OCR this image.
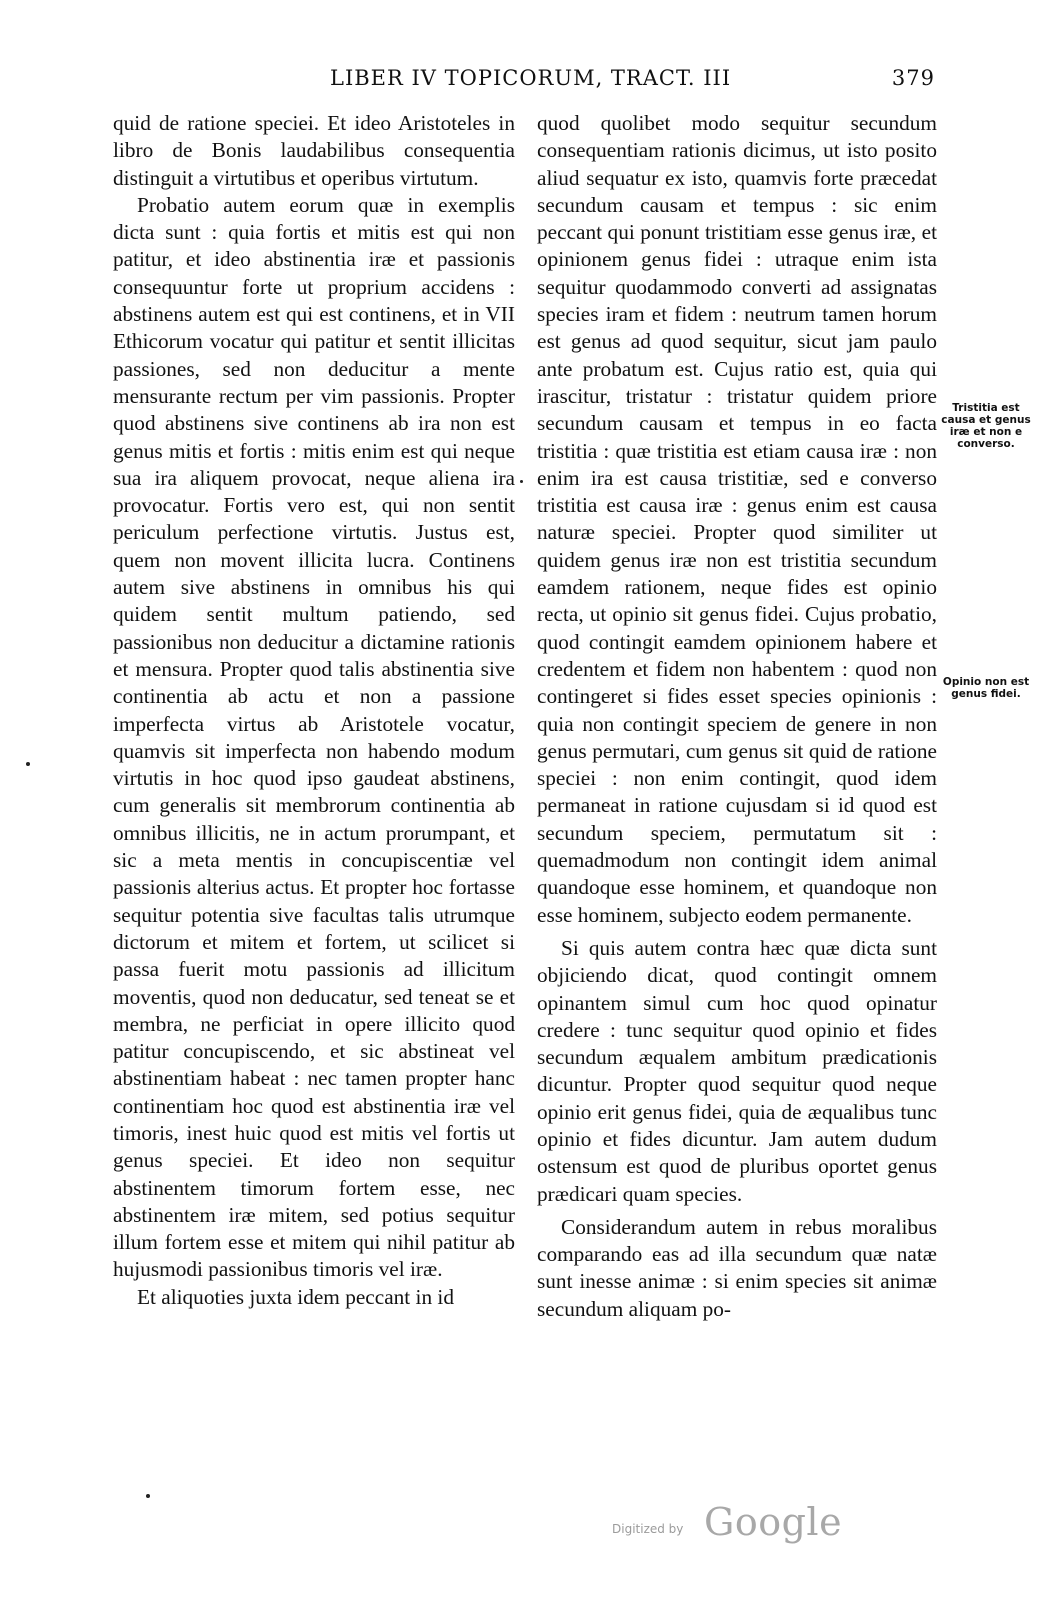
LIBER IV TOPICORUM, TRACT. III	379

quid de ratione speciei. Et ideo Aristoteles in libro de Bonis laudabilibus consequentia distinguit a virtutibus et operibus virtutum.

Probatio autem eorum quæ in exemplis dicta sunt : quia fortis et mitis est qui non patitur, et ideo abstinentia iræ et passionis consequuntur forte ut proprium accidens : abstinens autem est qui est continens, et in VII Ethicorum vocatur qui patitur et sentit illicitas passiones, sed non deducitur a mente mensurante rectum per vim passionis. Propter quod abstinens sive continens ab ira non est genus mitis et fortis : mitis enim est qui neque sua ira aliquem provocat, neque aliena ira provocatur. Fortis vero est, qui non sentit periculum perfectione virtutis. Justus est, quem non movent illicita lucra. Continens autem sive abstinens in omnibus his qui quidem sentit multum patiendo, sed passionibus non deducitur a dictamine rationis et mensura. Propter quod talis abstinentia sive continentia ab actu et non a passione imperfecta virtus ab Aristotele vocatur, quamvis sit imperfecta non habendo modum virtutis in hoc quod ipso gaudeat abstinens, cum generalis sit membrorum continentia ab omnibus illicitis, ne in actum prorumpant, et sic a meta mentis in concupiscentiæ vel passionis alterius actus. Et propter hoc fortasse sequitur potentia sive facultas talis utrumque dictorum et mitem et fortem, ut scilicet si passa fuerit motu passionis ad illicitum moventis, quod non deducatur, sed teneat se et membra, ne perficiat in opere illicito quod patitur concupiscendo, et sic abstineat vel abstinentiam habeat : nec tamen propter hanc continentiam hoc quod est abstinentia iræ vel timoris, inest huic quod est mitis vel fortis ut genus speciei. Et ideo non sequitur abstinentem timorum fortem esse, nec abstinentem iræ mitem, sed potius sequitur illum fortem esse et mitem qui nihil patitur ab hujusmodi passionibus timoris vel iræ.

Et aliquoties juxta idem peccant in id

quod quolibet modo sequitur secundum consequentiam rationis dicimus, ut isto posito aliud sequatur ex isto, quamvis forte præcedat secundum causam et tempus : sic enim peccant qui ponunt tristitiam esse genus iræ, et opinionem genus fidei : utraque enim ista sequitur quodammodo converti ad assignatas species iram et fidem : neutrum tamen horum est genus ad quod sequitur, sicut jam paulo ante probatum est. Cujus ratio est, quia qui irascitur, tristatur : tristatur quidem priore secundum causam et tempus in eo facta tristitia : quæ tristitia est etiam causa iræ : non enim ira est causa tristitiæ, sed e converso tristitia est causa iræ : genus enim est causa naturæ speciei. Propter quod similiter ut quidem genus iræ non est tristitia secundum eamdem rationem, neque fides est opinio recta, ut opinio sit genus fidei. Cujus probatio, quod contingit eamdem opinionem habere et credentem et fidem non habentem : quod non contingeret si fides esset species opinionis : quia non contingit speciem de genere in non genus permutari, cum genus sit quid de ratione speciei : non enim contingit, quod idem permaneat in ratione cujusdam si id quod est secundum speciem, permutatum sit : quemadmodum non contingit idem animal quandoque esse hominem, et quandoque non esse hominem, subjecto eodem permanente.

Si quis autem contra hæc quæ dicta sunt objiciendo dicat, quod contingit omnem opinantem simul cum hoc quod opinatur credere : tunc sequitur quod opinio et fides secundum æqualem ambitum prædicationis dicuntur. Propter quod sequitur quod neque opinio erit genus fidei, quia de æqualibus tunc opinio et fides dicuntur. Jam autem dudum ostensum est quod de pluribus oportet genus prædicari quam species.

Considerandum autem in rebus moralibus comparando eas ad illa secundum quæ natæ sunt inesse animæ : si enim species sit animæ secundum aliquam po-

Tristitia est causa et genus iræ et non e converso.
Opinio non est genus fidei.
Digitized by Google
